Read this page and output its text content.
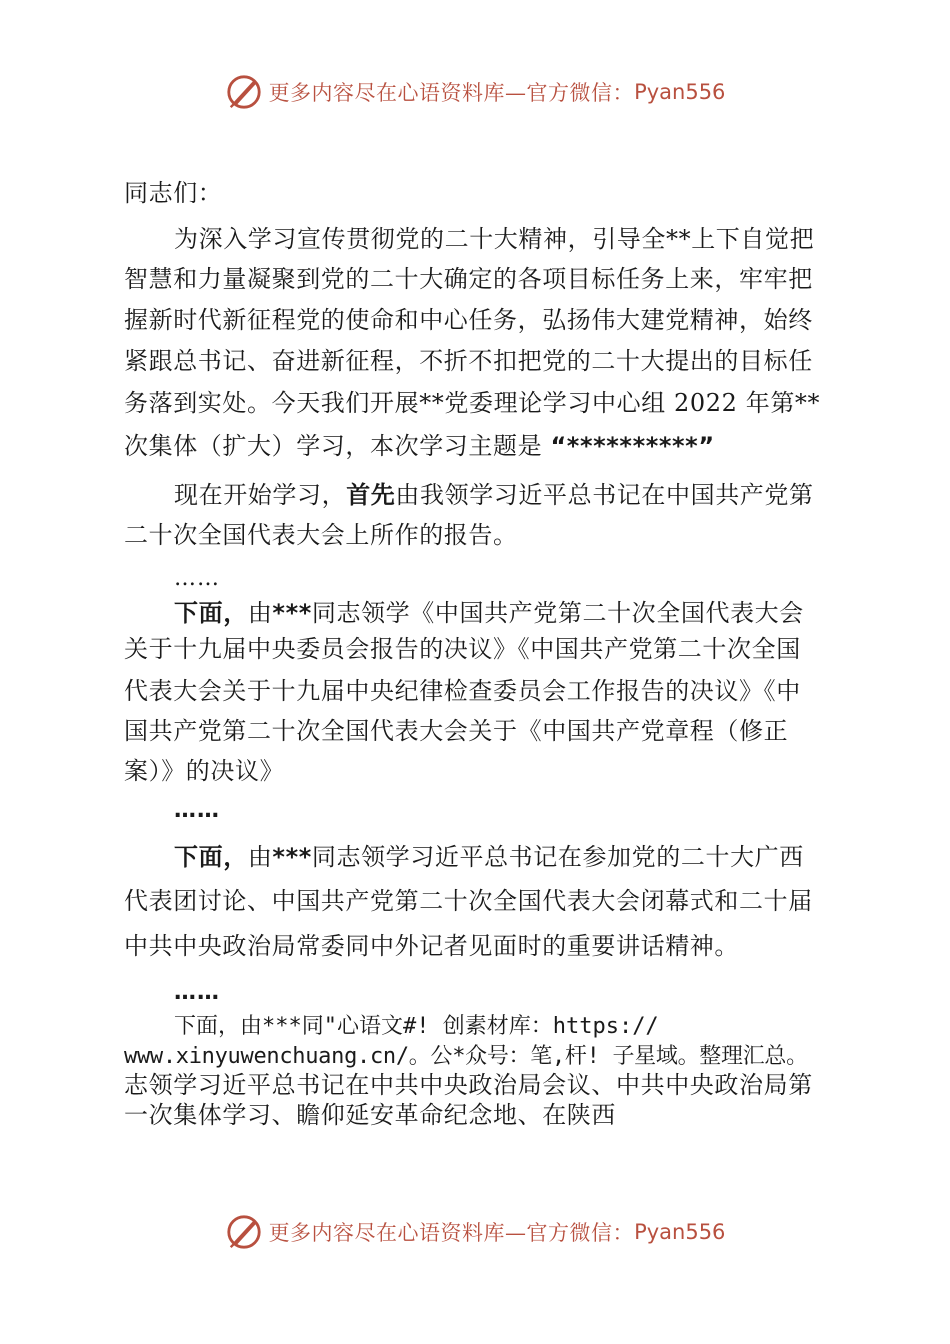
更多内容尽在心语资料库—官方微信： Pyan556
同志们：
为深入学习宣传贯彻党的二十大精神，引导全**上下自觉把
智慧和力量凝聚到党的二十大确定的各项目标任务上来，牢牢把
握新时代新征程党的使命和中心任务，弘扬伟大建党精神，始终
紧跟总书记、奋进新征程，不折不扣把党的二十大提出的目标任
务落到实处。今天我们开展**党委理论学习中心组 2022 年第**
次集体（扩大）学习，本次学习主题是 “**********”
现在开始学习，首先由我领学习近平总书记在中国共产党第
二十次全国代表大会上所作的报告。
……
下面，由***同志领学《中国共产党第二十次全国代表大会
关于十九届中央委员会报告的决议》《中国共产党第二十次全国
代表大会关于十九届中央纪律检查委员会工作报告的决议》《中
国共产党第二十次全国代表大会关于《中国共产党章程（修正
案）》的决议》
……
下面，由***同志领学习近平总书记在参加党的二十大广西
代表团讨论、中国共产党第二十次全国代表大会闭幕式和二十届
中共中央政治局常委同中外记者见面时的重要讲话精神。
……
下面，由***同"心语文#! 创素材库：https://
www.xinyuwenchuang.cn/。公*众号：笔,杆! 子星域。整理汇总。
志领学习近平总书记在中共中央政治局会议、中共中央政治局第
一次集体学习、瞻仰延安革命纪念地、在陕西
更多内容尽在心语资料库—官方微信： Pyan556
